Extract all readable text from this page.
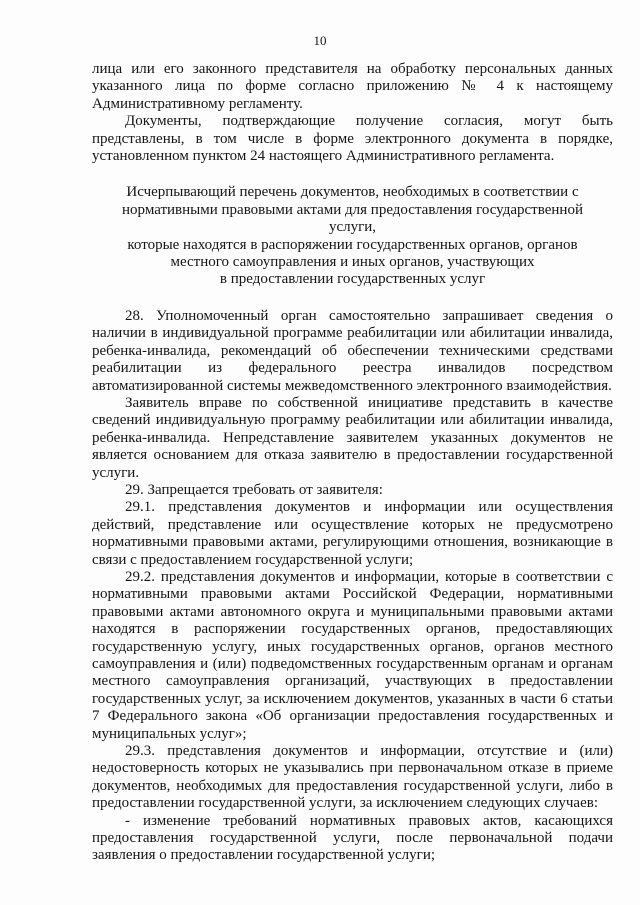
10

лица или его законного представителя на обработку персональных данных указанного лица по форме согласно приложению № 4 к настоящему Административному регламенту.

Документы, подтверждающие получение согласия, могут быть представлены, в том числе в форме электронного документа в порядке, установленном пунктом 24 настоящего Административного регламента.

Исчерпывающий перечень документов, необходимых в соответствии с
нормативными правовыми актами для предоставления государственной услуги,
которые находятся в распоряжении государственных органов, органов
местного самоуправления и иных органов, участвующих
в предоставлении государственных услуг

28. Уполномоченный орган самостоятельно запрашивает сведения о наличии в индивидуальной программе реабилитации или абилитации инвалида, ребенка-инвалида, рекомендаций об обеспечении техническими средствами реабилитации из федерального реестра инвалидов посредством автоматизированной системы межведомственного электронного взаимодействия.

Заявитель вправе по собственной инициативе представить в качестве сведений индивидуальную программу реабилитации или абилитации инвалида, ребенка-инвалида. Непредставление заявителем указанных документов не является основанием для отказа заявителю в предоставлении государственной услуги.

29. Запрещается требовать от заявителя:

29.1. представления документов и информации или осуществления действий, представление или осуществление которых не предусмотрено нормативными правовыми актами, регулирующими отношения, возникающие в связи с предоставлением государственной услуги;

29.2. представления документов и информации, которые в соответствии с нормативными правовыми актами Российской Федерации, нормативными правовыми актами автономного округа и муниципальными правовыми актами находятся в распоряжении государственных органов, предоставляющих государственную услугу, иных государственных органов, органов местного самоуправления и (или) подведомственных государственным органам и органам местного самоуправления организаций, участвующих в предоставлении государственных услуг, за исключением документов, указанных в части 6 статьи 7 Федерального закона «Об организации предоставления государственных и муниципальных услуг»;

29.3. представления документов и информации, отсутствие и (или) недостоверность которых не указывались при первоначальном отказе в приеме документов, необходимых для предоставления государственной услуги, либо в предоставлении государственной услуги, за исключением следующих случаев:

- изменение требований нормативных правовых актов, касающихся предоставления государственной услуги, после первоначальной подачи заявления о предоставлении государственной услуги;
